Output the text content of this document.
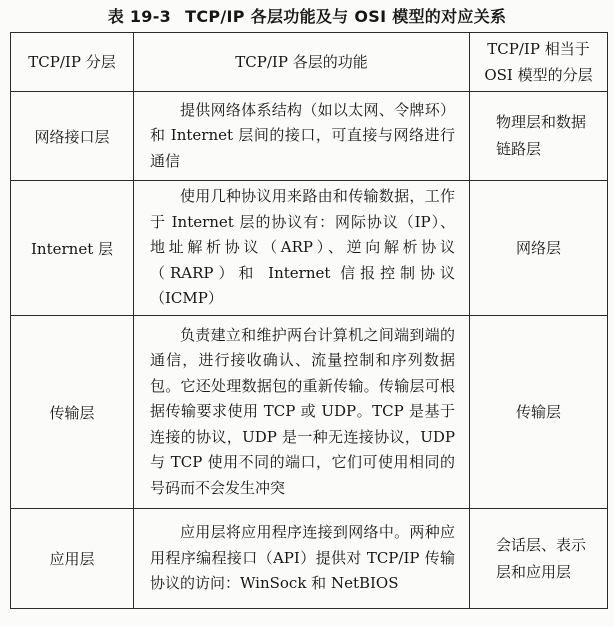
表 19-3 TCP/IP 各层功能及与 OSI 模型的对应关系
TCP/IP 分层	TCP/IP 各层的功能	TCP/IP 相当于 OSI 模型的分层
网络接口层	提供网络体系结构（如以太网、令牌环）和 Internet 层间的接口，可直接与网络进行通信	物理层和数据链路层
Internet 层	使用几种协议用来路由和传输数据，工作于 Internet 层的协议有：网际协议（IP）、地址解析协议（ARP）、逆向解析协议（RARP）和 Internet 信报控制协议（ICMP）	网络层
传输层	负责建立和维护两台计算机之间端到端的通信，进行接收确认、流量控制和序列数据包。它还处理数据包的重新传输。传输层可根据传输要求使用 TCP 或 UDP。TCP 是基于连接的协议，UDP 是一种无连接协议，UDP 与 TCP 使用不同的端口，它们可使用相同的号码而不会发生冲突	传输层
应用层	应用层将应用程序连接到网络中。两种应用程序编程接口（API）提供对 TCP/IP 传输协议的访问：WinSock 和 NetBIOS	会话层、表示层和应用层
